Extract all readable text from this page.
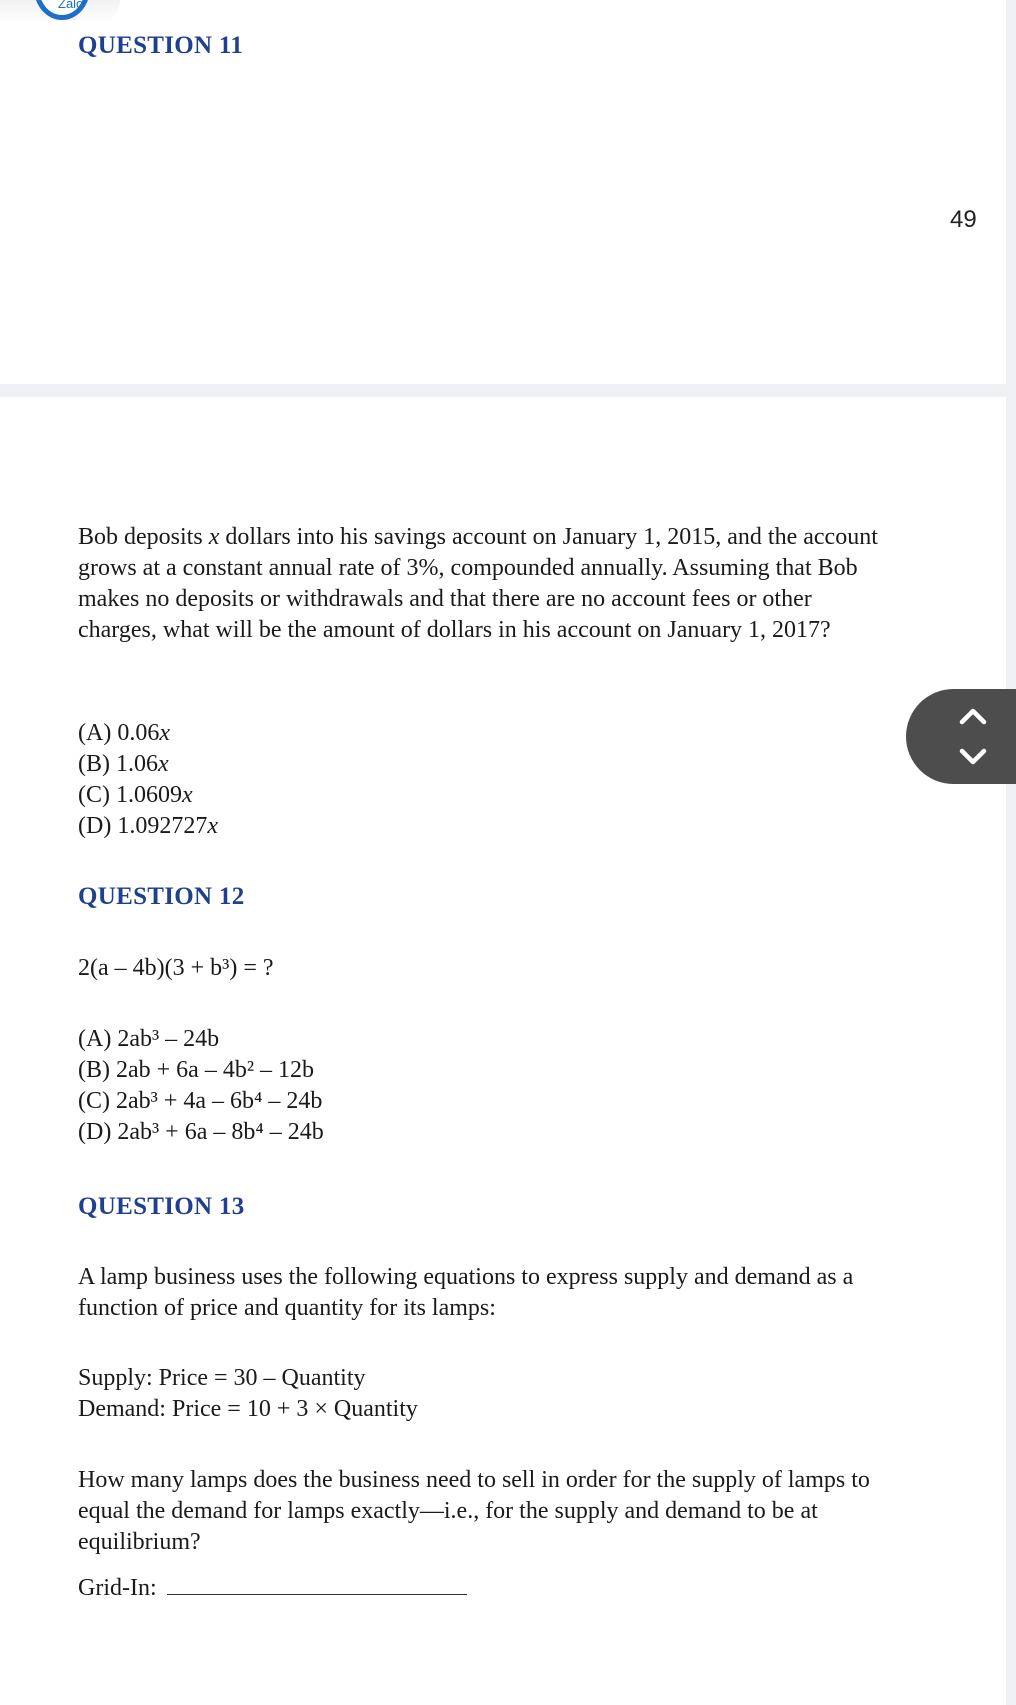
Zalo
QUESTION 11
49

Bob deposits x dollars into his savings account on January 1, 2015, and the account grows at a constant annual rate of 3%, compounded annually. Assuming that Bob makes no deposits or withdrawals and that there are no account fees or other charges, what will be the amount of dollars in his account on January 1, 2017?

(A) 0.06x
(B) 1.06x
(C) 1.0609x
(D) 1.092727x
QUESTION 12

2(a – 4b)(3 + b³) = ?

(A) 2ab³ – 24b
(B) 2ab + 6a – 4b² – 12b
(C) 2ab³ + 4a – 6b⁴ – 24b
(D) 2ab³ + 6a – 8b⁴ – 24b
QUESTION 13

A lamp business uses the following equations to express supply and demand as a function of price and quantity for its lamps:

Supply: Price = 30 – Quantity

Demand: Price = 10 + 3 × Quantity

How many lamps does the business need to sell in order for the supply of lamps to equal the demand for lamps exactly—i.e., for the supply and demand to be at equilibrium?

Grid-In:
